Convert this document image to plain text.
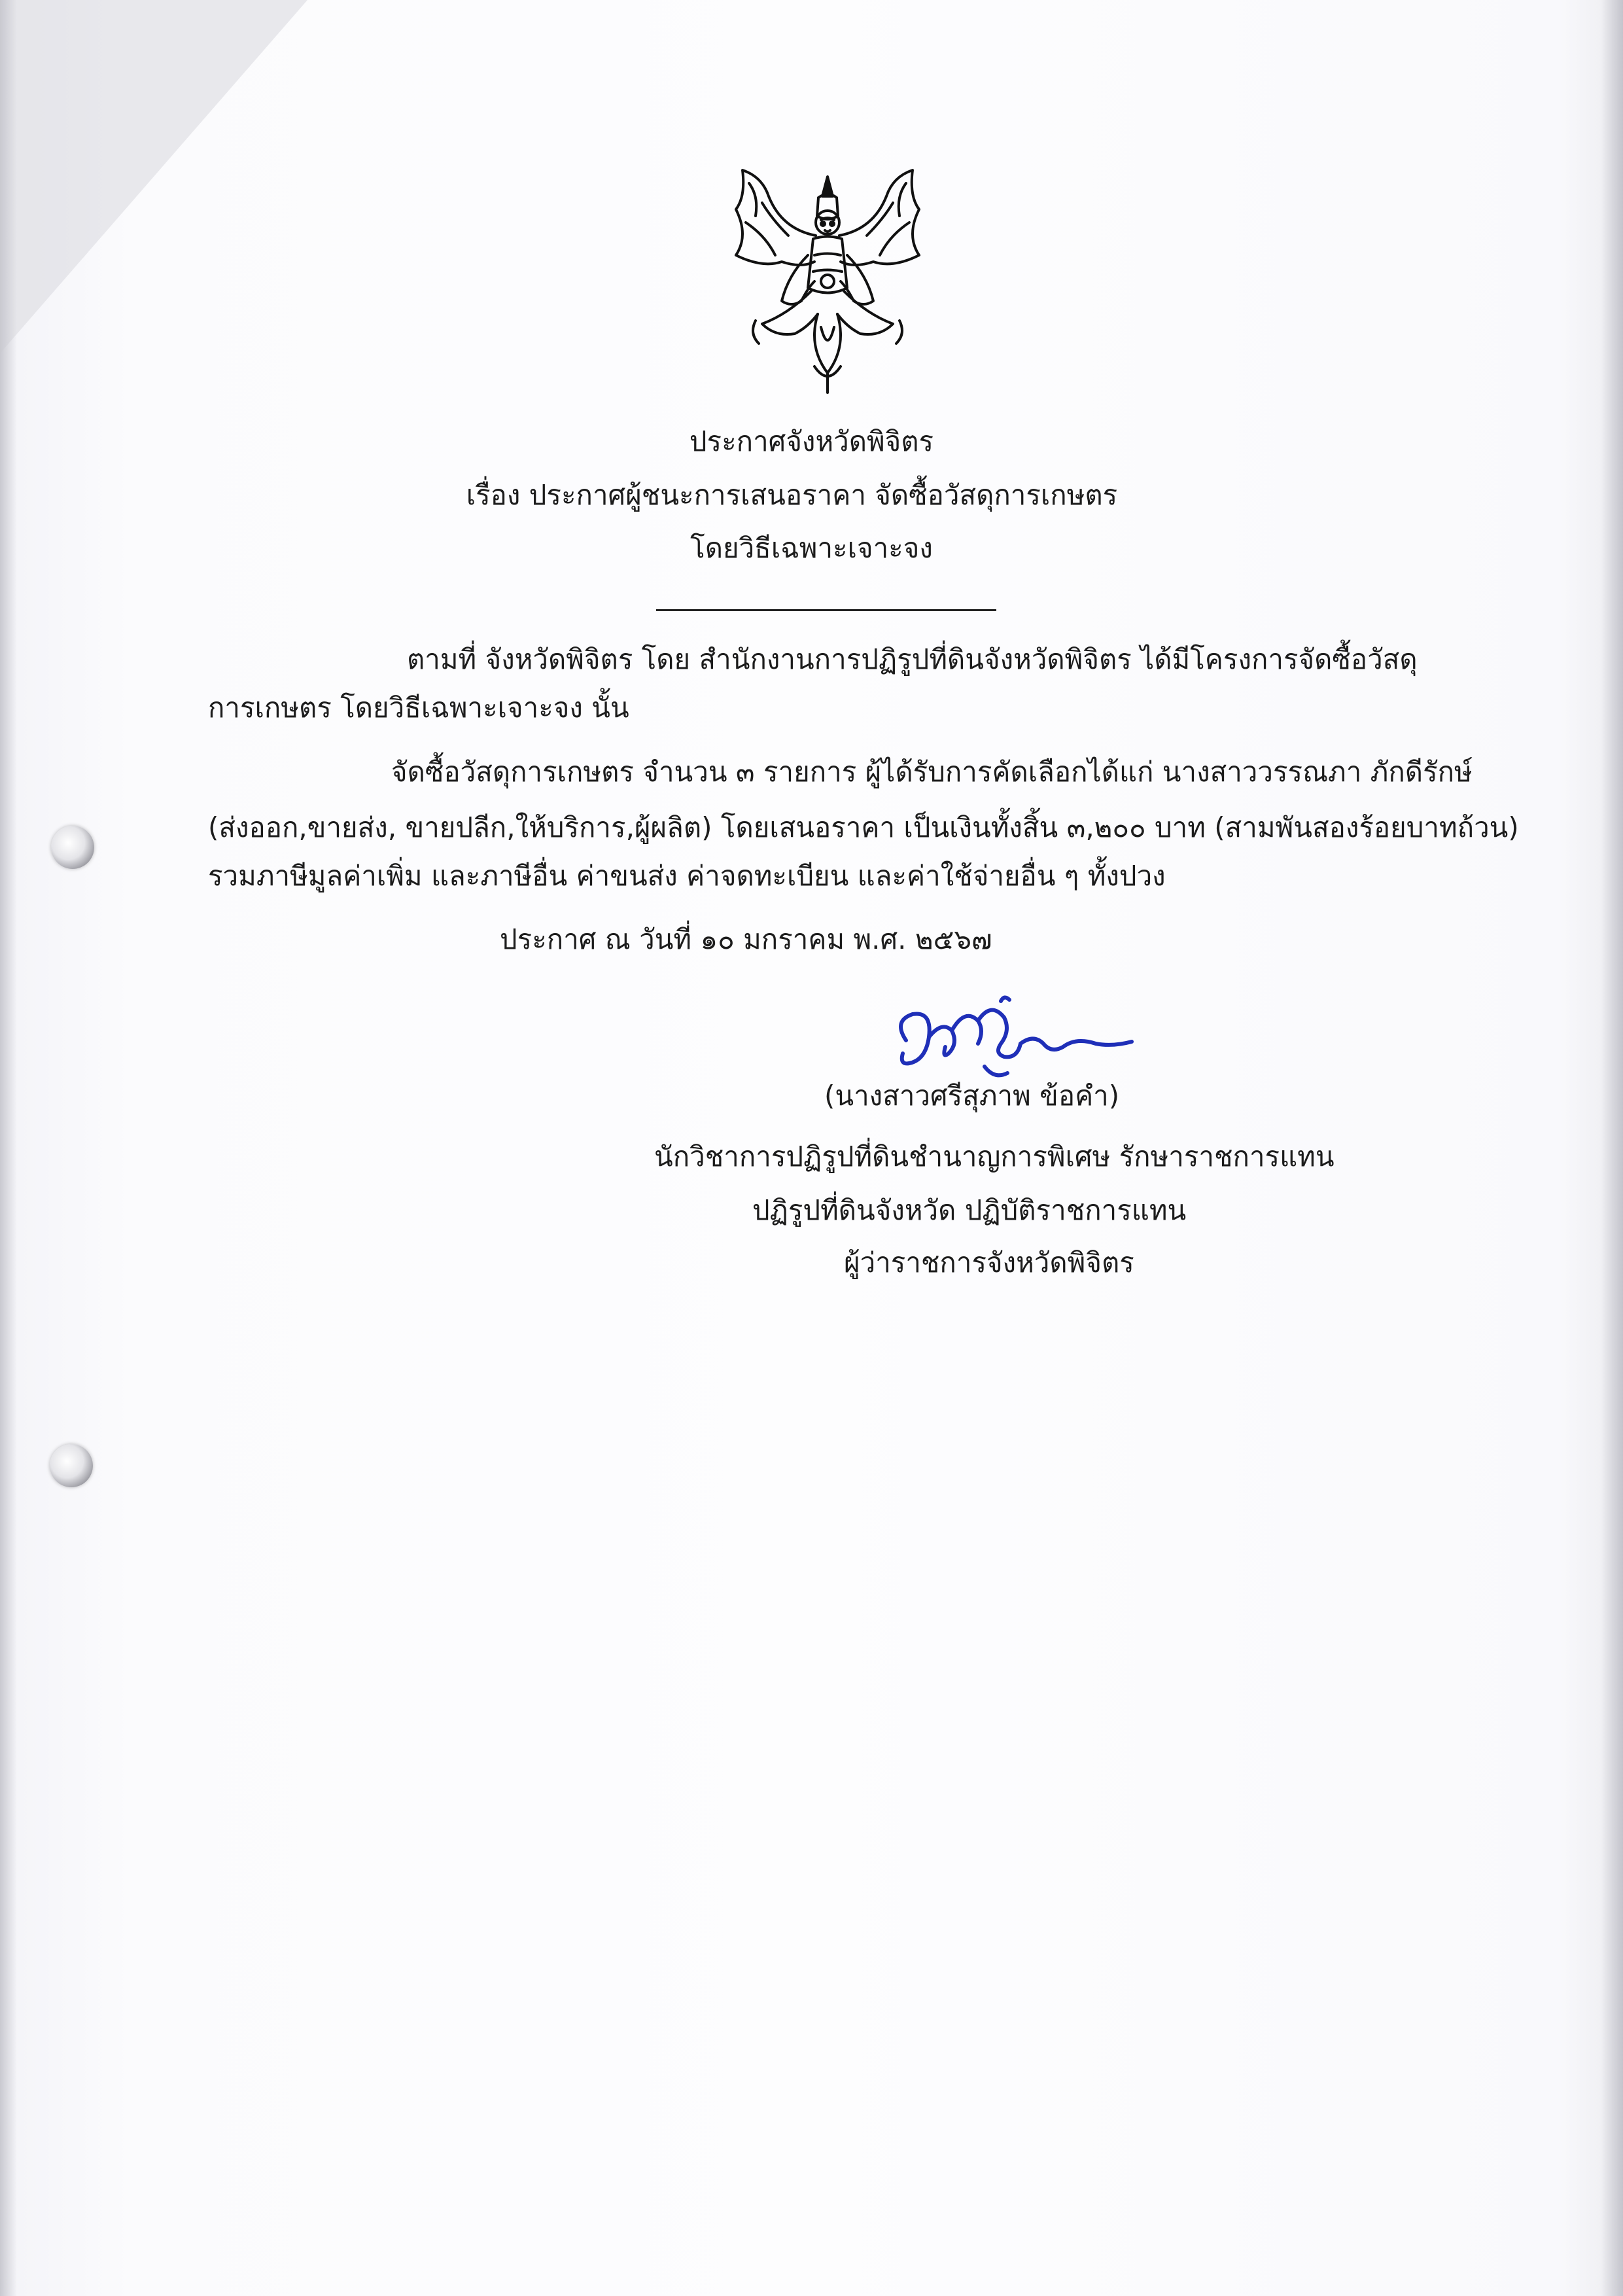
ประกาศจังหวัดพิจิตร
เรื่อง ประกาศผู้ชนะการเสนอราคา จัดซื้อวัสดุการเกษตร
โดยวิธีเฉพาะเจาะจง
ตามที่ จังหวัดพิจิตร โดย สำนักงานการปฏิรูปที่ดินจังหวัดพิจิตร ได้มีโครงการจัดซื้อวัสดุ
การเกษตร โดยวิธีเฉพาะเจาะจง นั้น
จัดซื้อวัสดุการเกษตร จำนวน ๓ รายการ ผู้ได้รับการคัดเลือกได้แก่ นางสาววรรณภา ภักดีรักษ์
(ส่งออก,ขายส่ง, ขายปลีก,ให้บริการ,ผู้ผลิต) โดยเสนอราคา เป็นเงินทั้งสิ้น ๓,๒๐๐ บาท (สามพันสองร้อยบาทถ้วน)
รวมภาษีมูลค่าเพิ่ม และภาษีอื่น ค่าขนส่ง ค่าจดทะเบียน และค่าใช้จ่ายอื่น ๆ ทั้งปวง
ประกาศ ณ วันที่ ๑๐ มกราคม พ.ศ. ๒๕๖๗
(นางสาวศรีสุภาพ ข้อคำ)
นักวิชาการปฏิรูปที่ดินชำนาญการพิเศษ รักษาราชการแทน
ปฏิรูปที่ดินจังหวัด ปฏิบัติราชการแทน
ผู้ว่าราชการจังหวัดพิจิตร
